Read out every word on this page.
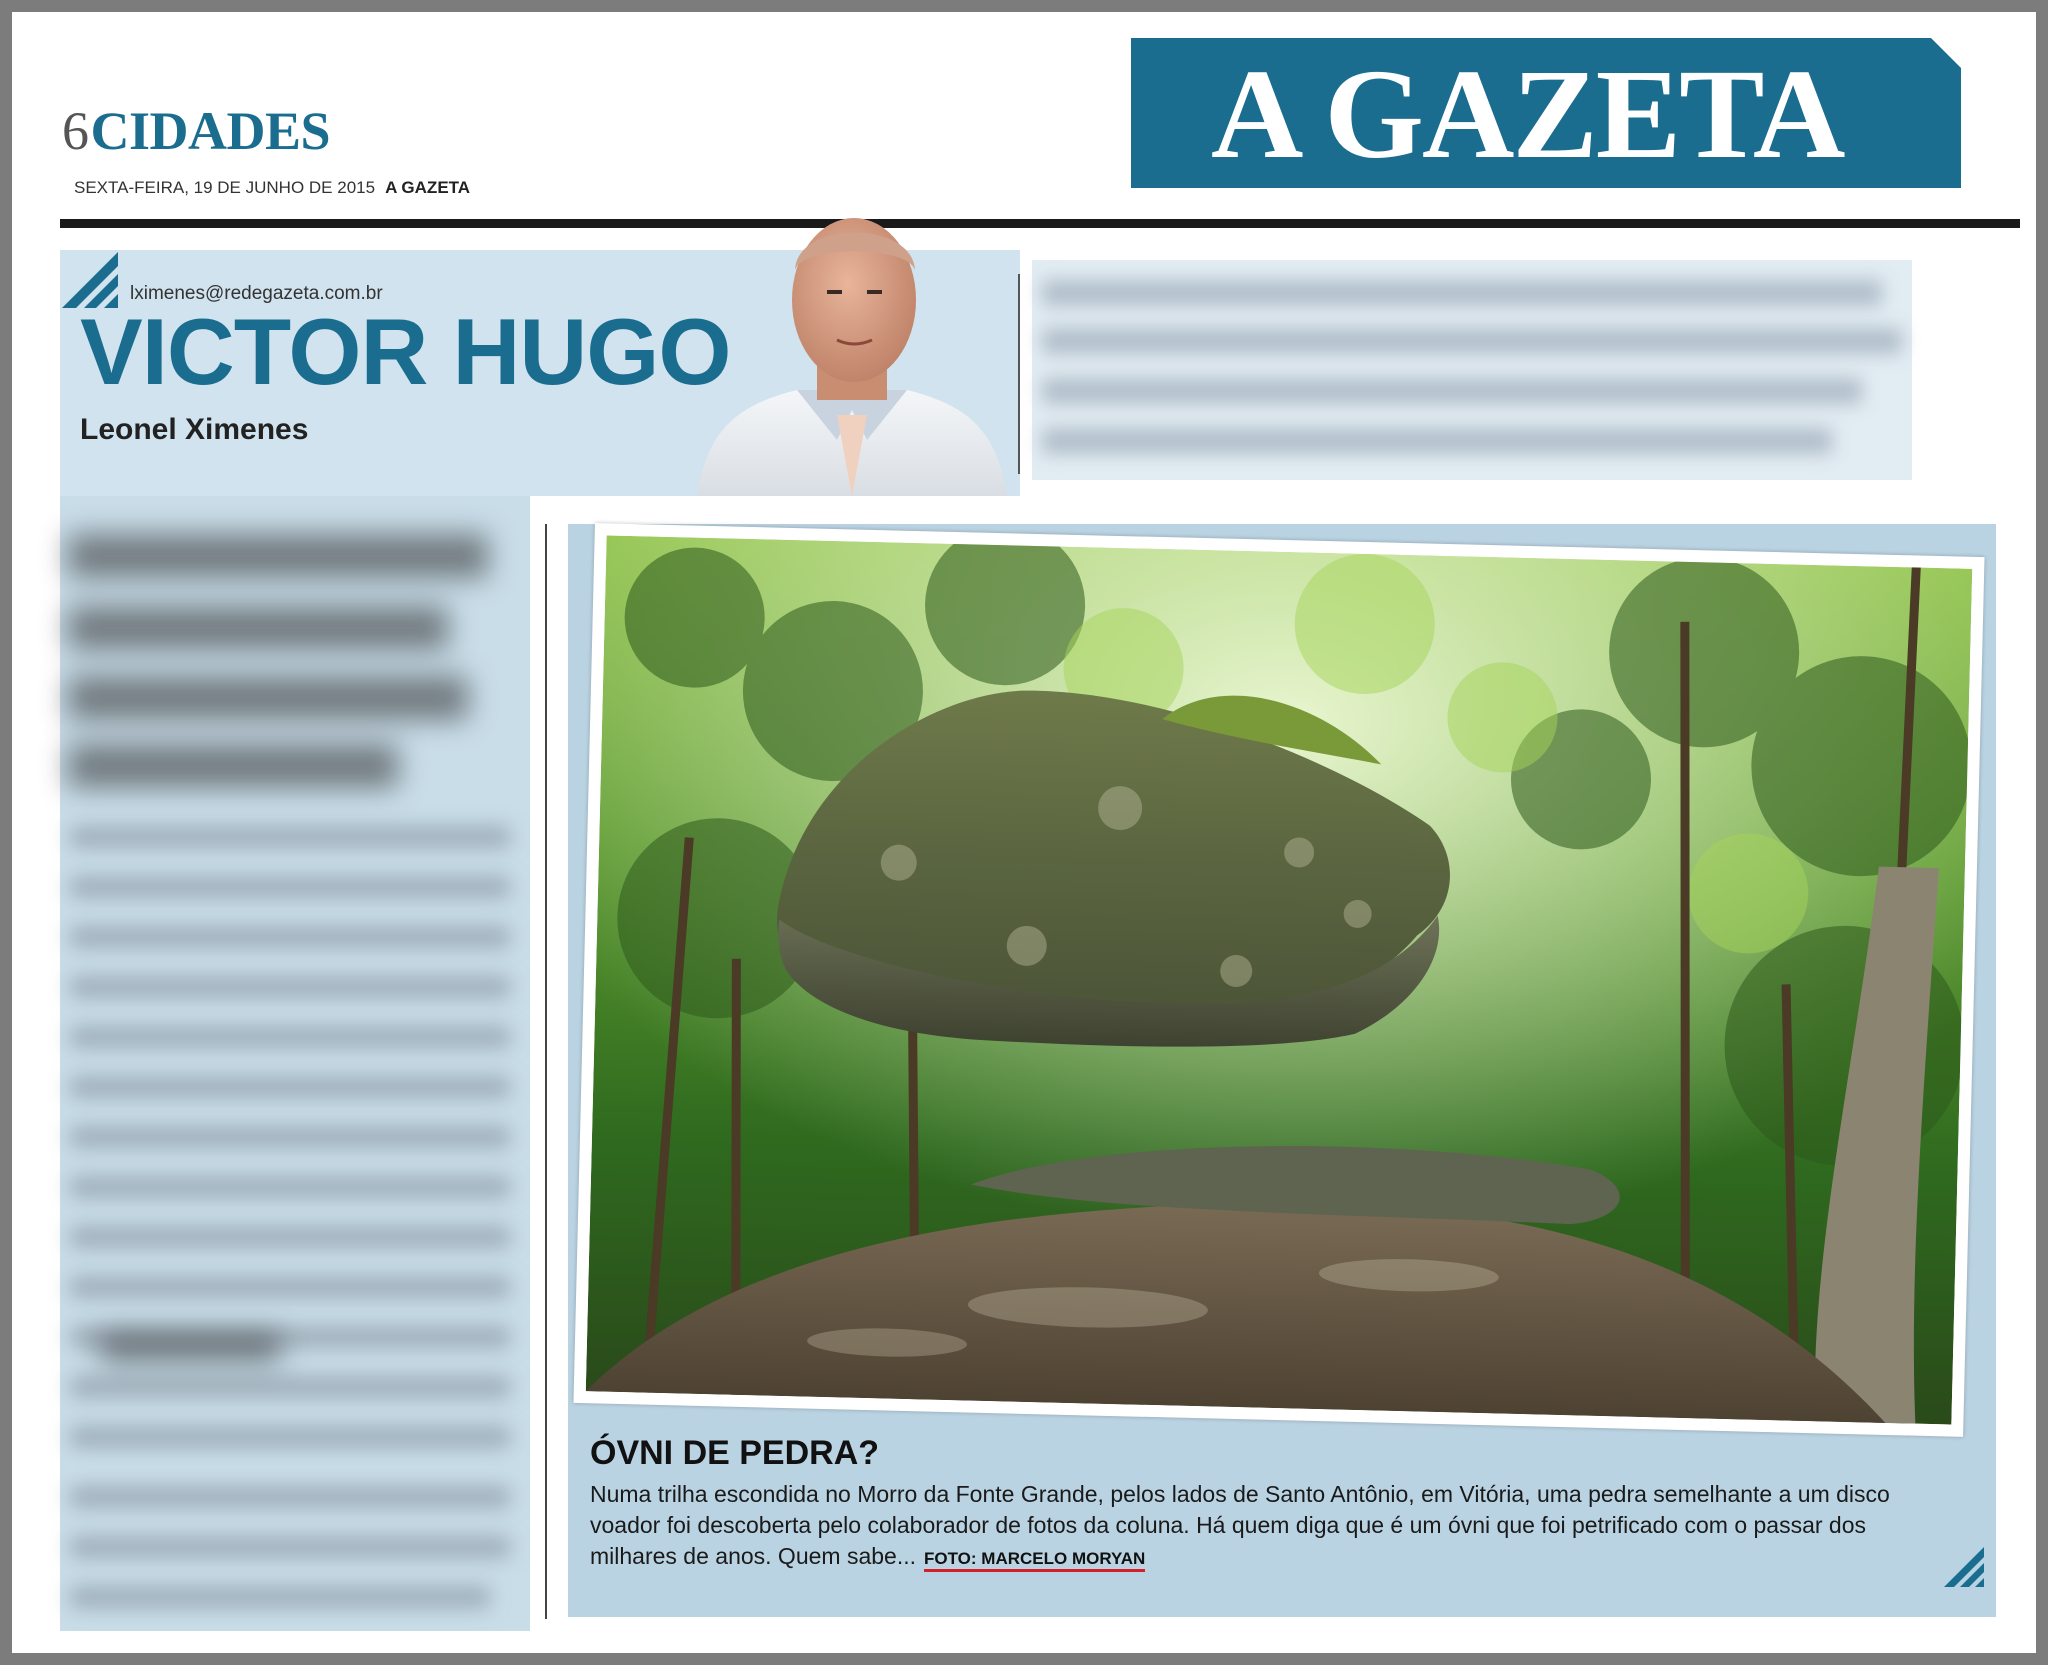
6CIDADES
SEXTA-FEIRA, 19 DE JUNHO DE 2015 A GAZETA
A GAZETA
lximenes@redegazeta.com.br
VICTOR HUGO
Leonel Ximenes
ÓVNI DE PEDRA?
Numa trilha escondida no Morro da Fonte Grande, pelos lados de Santo Antônio, em Vitória, uma pedra semelhante a um disco voador foi descoberta pelo colaborador de fotos da coluna. Há quem diga que é um óvni que foi petrificado com o passar dos milhares de anos. Quem sabe... FOTO: MARCELO MORYAN
